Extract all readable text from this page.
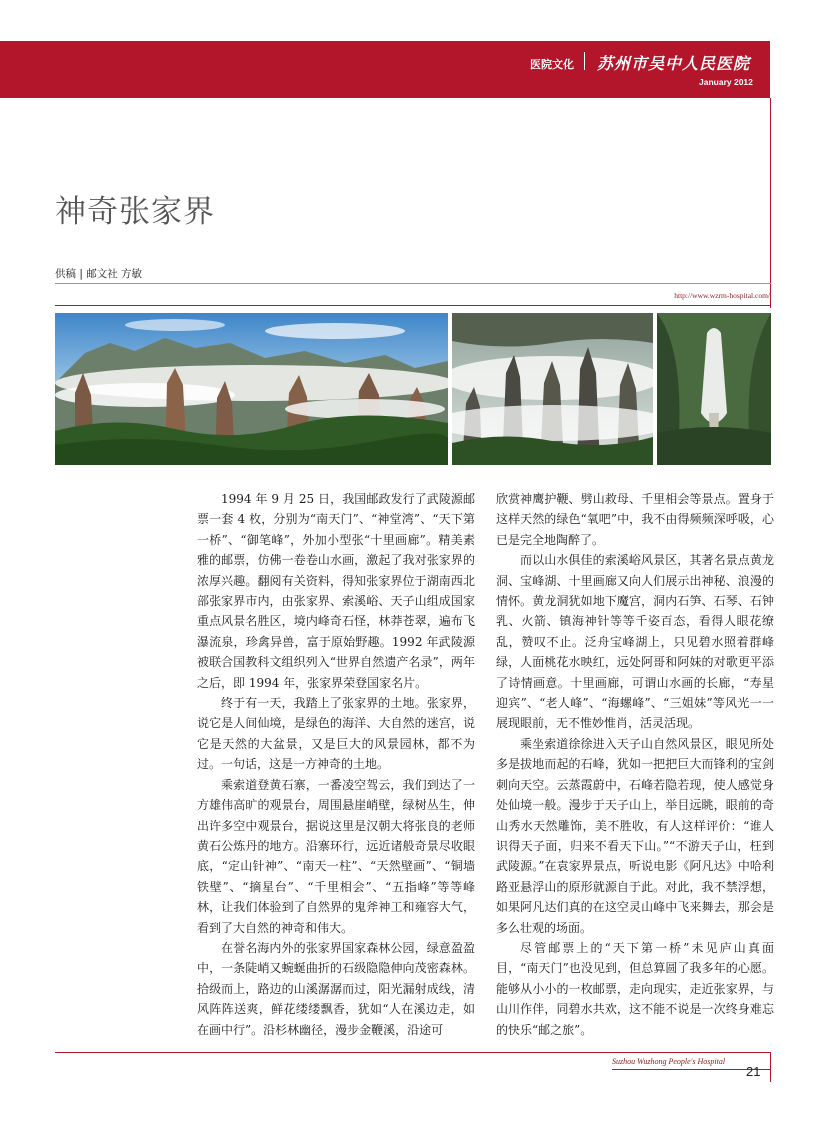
医院文化 苏州市吴中人民医院
January 2012
神奇张家界
供稿 | 邮文社 方敏
http://www.wzrm-hospital.com/

1994 年 9 月 25 日，我国邮政发行了武陵源邮票一套 4 枚，分别为“南天门”、“神堂湾”、“天下第一桥”、“御笔峰”，外加小型张“十里画廊”。精美素雅的邮票，仿佛一卷卷山水画，激起了我对张家界的浓厚兴趣。翻阅有关资料，得知张家界位于湖南西北部张家界市内，由张家界、索溪峪、天子山组成国家重点风景名胜区，境内峰奇石怪，林莽苍翠，遍布飞瀑流泉，珍禽异兽，富于原始野趣。1992 年武陵源被联合国教科文组织列入“世界自然遗产名录”，两年之后，即 1994 年，张家界荣登国家名片。

终于有一天，我踏上了张家界的土地。张家界，说它是人间仙境，是绿色的海洋、大自然的迷宫，说它是天然的大盆景，又是巨大的风景园林，都不为过。一句话，这是一方神奇的土地。

乘索道登黄石寨，一番凌空驾云，我们到达了一方雄伟高旷的观景台，周围悬崖峭壁，绿树丛生，伸出许多空中观景台，据说这里是汉朝大将张良的老师黄石公炼丹的地方。沿寨环行，远近诸般奇景尽收眼底，“定山针神”、“南天一柱”、“天然壁画”、“铜墙铁壁”、“摘星台”、“千里相会”、“五指峰”等等峰林，让我们体验到了自然界的鬼斧神工和雍容大气，看到了大自然的神奇和伟大。

在誉名海内外的张家界国家森林公园，绿意盈盈中，一条陡峭又蜿蜒曲折的石级隐隐伸向茂密森林。拾级而上，路边的山溪潺潺而过，阳光漏射成线，清风阵阵送爽，鲜花缕缕飘香，犹如“人在溪边走，如在画中行”。沿杉林幽径，漫步金鞭溪，沿途可

欣赏神鹰护鞭、劈山救母、千里相会等景点。置身于这样天然的绿色“氧吧”中，我不由得频频深呼吸，心已是完全地陶醉了。

而以山水俱佳的索溪峪风景区，其著名景点黄龙洞、宝峰湖、十里画廊又向人们展示出神秘、浪漫的情怀。黄龙洞犹如地下魔宫，洞内石笋、石琴、石钟乳、火箭、镇海神针等等千姿百态，看得人眼花缭乱，赞叹不止。泛舟宝峰湖上，只见碧水照着群峰绿，人面桃花水映红，远处阿哥和阿妹的对歌更平添了诗情画意。十里画廊，可谓山水画的长廊，“寿星迎宾”、“老人峰”、“海螺峰”、“三姐妹”等风光一一展现眼前，无不惟妙惟肖，活灵活现。

乘坐索道徐徐进入天子山自然风景区，眼见所处多是拔地而起的石峰，犹如一把把巨大而锋利的宝剑刺向天空。云蒸霞蔚中，石峰若隐若现，使人感觉身处仙境一般。漫步于天子山上，举目远眺，眼前的奇山秀水天然雕饰，美不胜收，有人这样评价：“谁人识得天子面，归来不看天下山。”“不游天子山，枉到武陵源。”在袁家界景点，听说电影《阿凡达》中哈利路亚悬浮山的原形就源自于此。对此，我不禁浮想，如果阿凡达们真的在这空灵山峰中飞来舞去，那会是多么壮观的场面。

尽管邮票上的“天下第一桥”未见庐山真面目，“南天门”也没见到，但总算圆了我多年的心愿。能够从小小的一枚邮票，走向现实，走近张家界，与山川作伴，同碧水共欢，这不能不说是一次终身难忘的快乐“邮之旅”。

Suzhou Wuzhong People's Hospital
21
